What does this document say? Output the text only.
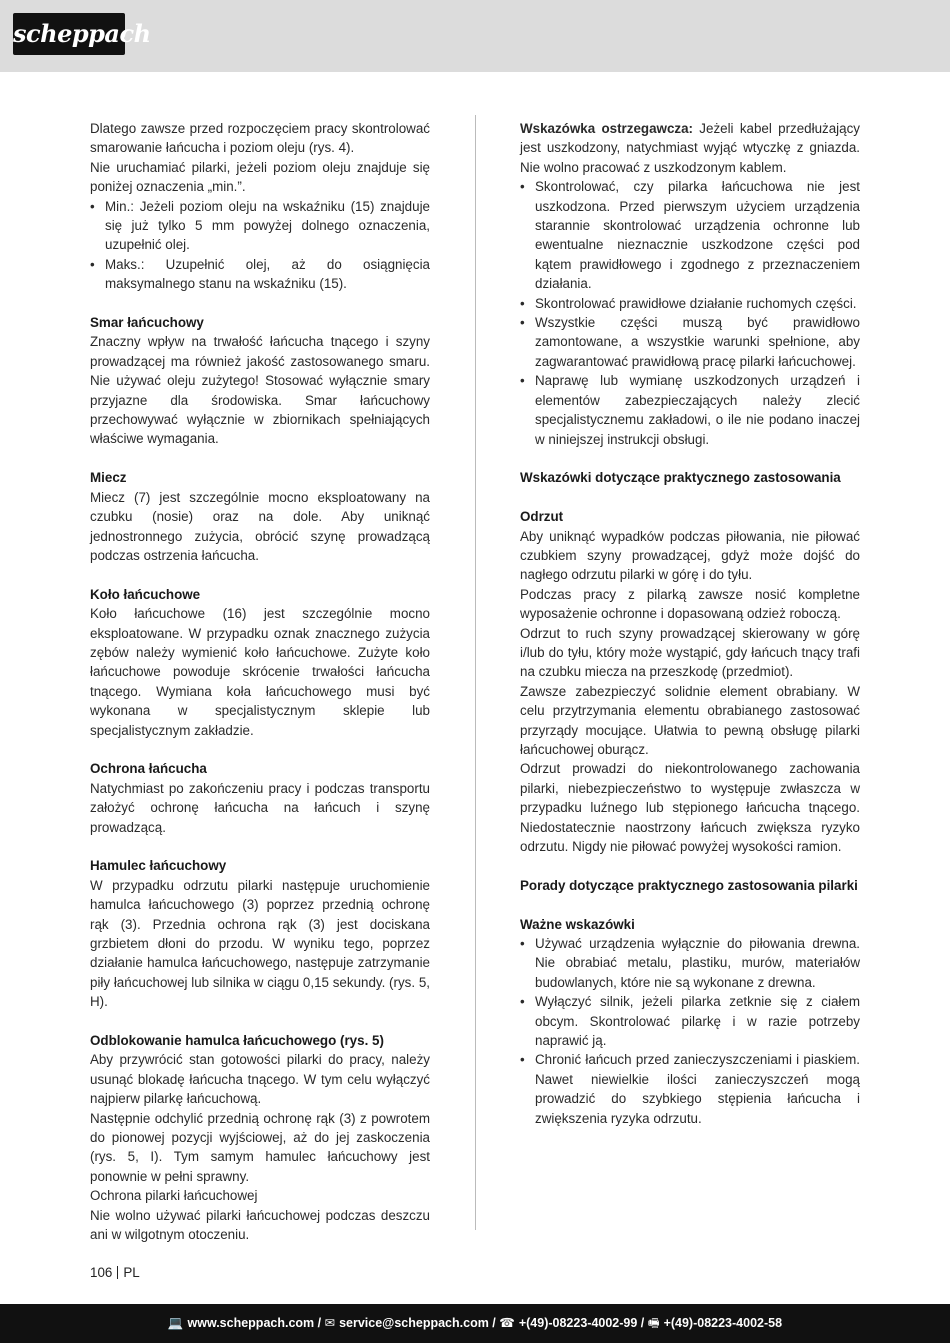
scheppach
Dlatego zawsze przed rozpoczęciem pracy skontrolować smarowanie łańcucha i poziom oleju (rys. 4).
Nie uruchamiać pilarki, jeżeli poziom oleju znajduje się poniżej oznaczenia „min.”.
• Min.: Jeżeli poziom oleju na wskaźniku (15) znajduje się już tylko 5 mm powyżej dolnego oznaczenia, uzupełnić olej.
• Maks.: Uzupełnić olej, aż do osiągnięcia maksymalnego stanu na wskaźniku (15).
Smar łańcuchowy
Znaczny wpływ na trwałość łańcucha tnącego i szyny prowadzącej ma również jakość zastosowanego smaru. Nie używać oleju zużytego! Stosować wyłącznie smary przyjazne dla środowiska. Smar łańcuchowy przechowywać wyłącznie w zbiornikach spełniających właściwe wymagania.
Miecz
Miecz (7) jest szczególnie mocno eksploatowany na czubku (nosie) oraz na dole. Aby uniknąć jednostronnego zużycia, obrócić szynę prowadzącą podczas ostrzenia łańcucha.
Koło łańcuchowe
Koło łańcuchowe (16) jest szczególnie mocno eksploatowane. W przypadku oznak znacznego zużycia zębów należy wymienić koło łańcuchowe. Zużyte koło łańcuchowe powoduje skrócenie trwałości łańcucha tnącego. Wymiana koła łańcuchowego musi być wykonana w specjalistycznym sklepie lub specjalistycznym zakładzie.
Ochrona łańcucha
Natychmiast po zakończeniu pracy i podczas transportu założyć ochronę łańcucha na łańcuch i szynę prowadzącą.
Hamulec łańcuchowy
W przypadku odrzutu pilarki następuje uruchomienie hamulca łańcuchowego (3) poprzez przednią ochronę rąk (3). Przednia ochrona rąk (3) jest dociskana grzbietem dłoni do przodu. W wyniku tego, poprzez działanie hamulca łańcuchowego, następuje zatrzymanie piły łańcuchowej lub silnika w ciągu 0,15 sekundy. (rys. 5, H).
Odblokowanie hamulca łańcuchowego (rys. 5)
Aby przywrócić stan gotowości pilarki do pracy, należy usunąć blokadę łańcucha tnącego. W tym celu wyłączyć najpierw pilarkę łańcuchową.
Następnie odchylić przednią ochronę rąk (3) z powrotem do pionowej pozycji wyjściowej, aż do jej zaskoczenia (rys. 5, I). Tym samym hamulec łańcuchowy jest ponownie w pełni sprawny.
Ochrona pilarki łańcuchowej
Nie wolno używać pilarki łańcuchowej podczas deszczu ani w wilgotnym otoczeniu.
Wskazówka ostrzegawcza: Jeżeli kabel przedłużający jest uszkodzony, natychmiast wyjąć wtyczkę z gniazda. Nie wolno pracować z uszkodzonym kablem.
• Skontrolować, czy pilarka łańcuchowa nie jest uszkodzona. Przed pierwszym użyciem urządzenia starannie skontrolować urządzenia ochronne lub ewentualne nieznacznie uszkodzone części pod kątem prawidłowego i zgodnego z przeznaczeniem działania.
• Skontrolować prawidłowe działanie ruchomych części.
• Wszystkie części muszą być prawidłowo zamontowane, a wszystkie warunki spełnione, aby zagwarantować prawidłową pracę pilarki łańcuchowej.
• Naprawę lub wymianę uszkodzonych urządzeń i elementów zabezpieczających należy zlecić specjalistycznemu zakładowi, o ile nie podano inaczej w niniejszej instrukcji obsługi.
Wskazówki dotyczące praktycznego zastosowania
Odrzut
Aby uniknąć wypadków podczas piłowania, nie piłować czubkiem szyny prowadzącej, gdyż może dojść do nagłego odrzutu pilarki w górę i do tyłu.
Podczas pracy z pilarką zawsze nosić kompletne wyposażenie ochronne i dopasowaną odzież roboczą.
Odrzut to ruch szyny prowadzącej skierowany w górę i/lub do tyłu, który może wystąpić, gdy łańcuch tnący trafi na czubku miecza na przeszkodę (przedmiot).
Zawsze zabezpieczyć solidnie element obrabiany. W celu przytrzymania elementu obrabianego zastosować przyrządy mocujące. Ułatwia to pewną obsługę pilarki łańcuchowej oburącz.
Odrzut prowadzi do niekontrolowanego zachowania pilarki, niebezpieczeństwo to występuje zwłaszcza w przypadku luźnego lub stępionego łańcucha tnącego. Niedostatecznie naostrzony łańcuch zwiększa ryzyko odrzutu. Nigdy nie piłować powyżej wysokości ramion.
Porady dotyczące praktycznego zastosowania pilarki
Ważne wskazówki
• Używać urządzenia wyłącznie do piłowania drewna. Nie obrabiać metalu, plastiku, murów, materiałów budowlanych, które nie są wykonane z drewna.
• Wyłączyć silnik, jeżeli pilarka zetknie się z ciałem obcym. Skontrolować pilarkę i w razie potrzeby naprawić ją.
• Chronić łańcuch przed zanieczyszczeniami i piaskiem. Nawet niewielkie ilości zanieczyszczeń mogą prowadzić do szybkiego stępienia łańcucha i zwiększenia ryzyka odrzutu.
106 PL
💻 www.scheppach.com / ✉ service@scheppach.com / ☎ +(49)-08223-4002-99 / 🖷 +(49)-08223-4002-58
